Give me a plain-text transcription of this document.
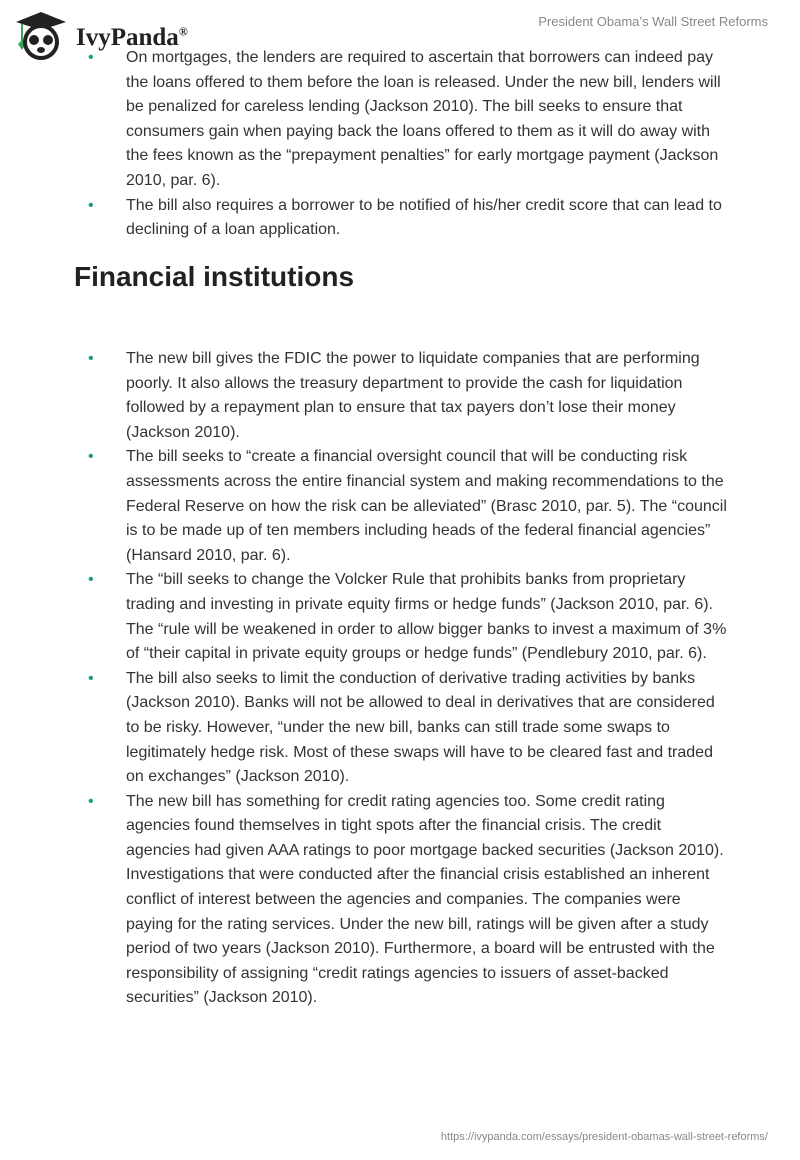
IvyPanda®
President Obama’s Wall Street Reforms
• On mortgages, the lenders are required to ascertain that borrowers can indeed pay the loans offered to them before the loan is released. Under the new bill, lenders will be penalized for careless lending (Jackson 2010). The bill seeks to ensure that consumers gain when paying back the loans offered to them as it will do away with the fees known as the “prepayment penalties” for early mortgage payment (Jackson 2010, par. 6).
• The bill also requires a borrower to be notified of his/her credit score that can lead to declining of a loan application.
Financial institutions
• The new bill gives the FDIC the power to liquidate companies that are performing poorly. It also allows the treasury department to provide the cash for liquidation followed by a repayment plan to ensure that tax payers don’t lose their money (Jackson 2010).
• The bill seeks to “create a financial oversight council that will be conducting risk assessments across the entire financial system and making recommendations to the Federal Reserve on how the risk can be alleviated” (Brasc 2010, par. 5). The “council is to be made up of ten members including heads of the federal financial agencies” (Hansard 2010, par. 6).
• The “bill seeks to change the Volcker Rule that prohibits banks from proprietary trading and investing in private equity firms or hedge funds” (Jackson 2010, par. 6). The “rule will be weakened in order to allow bigger banks to invest a maximum of 3% of “their capital in private equity groups or hedge funds” (Pendlebury 2010, par. 6).
• The bill also seeks to limit the conduction of derivative trading activities by banks (Jackson 2010). Banks will not be allowed to deal in derivatives that are considered to be risky. However, “under the new bill, banks can still trade some swaps to legitimately hedge risk. Most of these swaps will have to be cleared fast and traded on exchanges” (Jackson 2010).
• The new bill has something for credit rating agencies too. Some credit rating agencies found themselves in tight spots after the financial crisis. The credit agencies had given AAA ratings to poor mortgage backed securities (Jackson 2010). Investigations that were conducted after the financial crisis established an inherent conflict of interest between the agencies and companies. The companies were paying for the rating services. Under the new bill, ratings will be given after a study period of two years (Jackson 2010). Furthermore, a board will be entrusted with the responsibility of assigning “credit ratings agencies to issuers of asset-backed securities” (Jackson 2010).
https://ivypanda.com/essays/president-obamas-wall-street-reforms/
